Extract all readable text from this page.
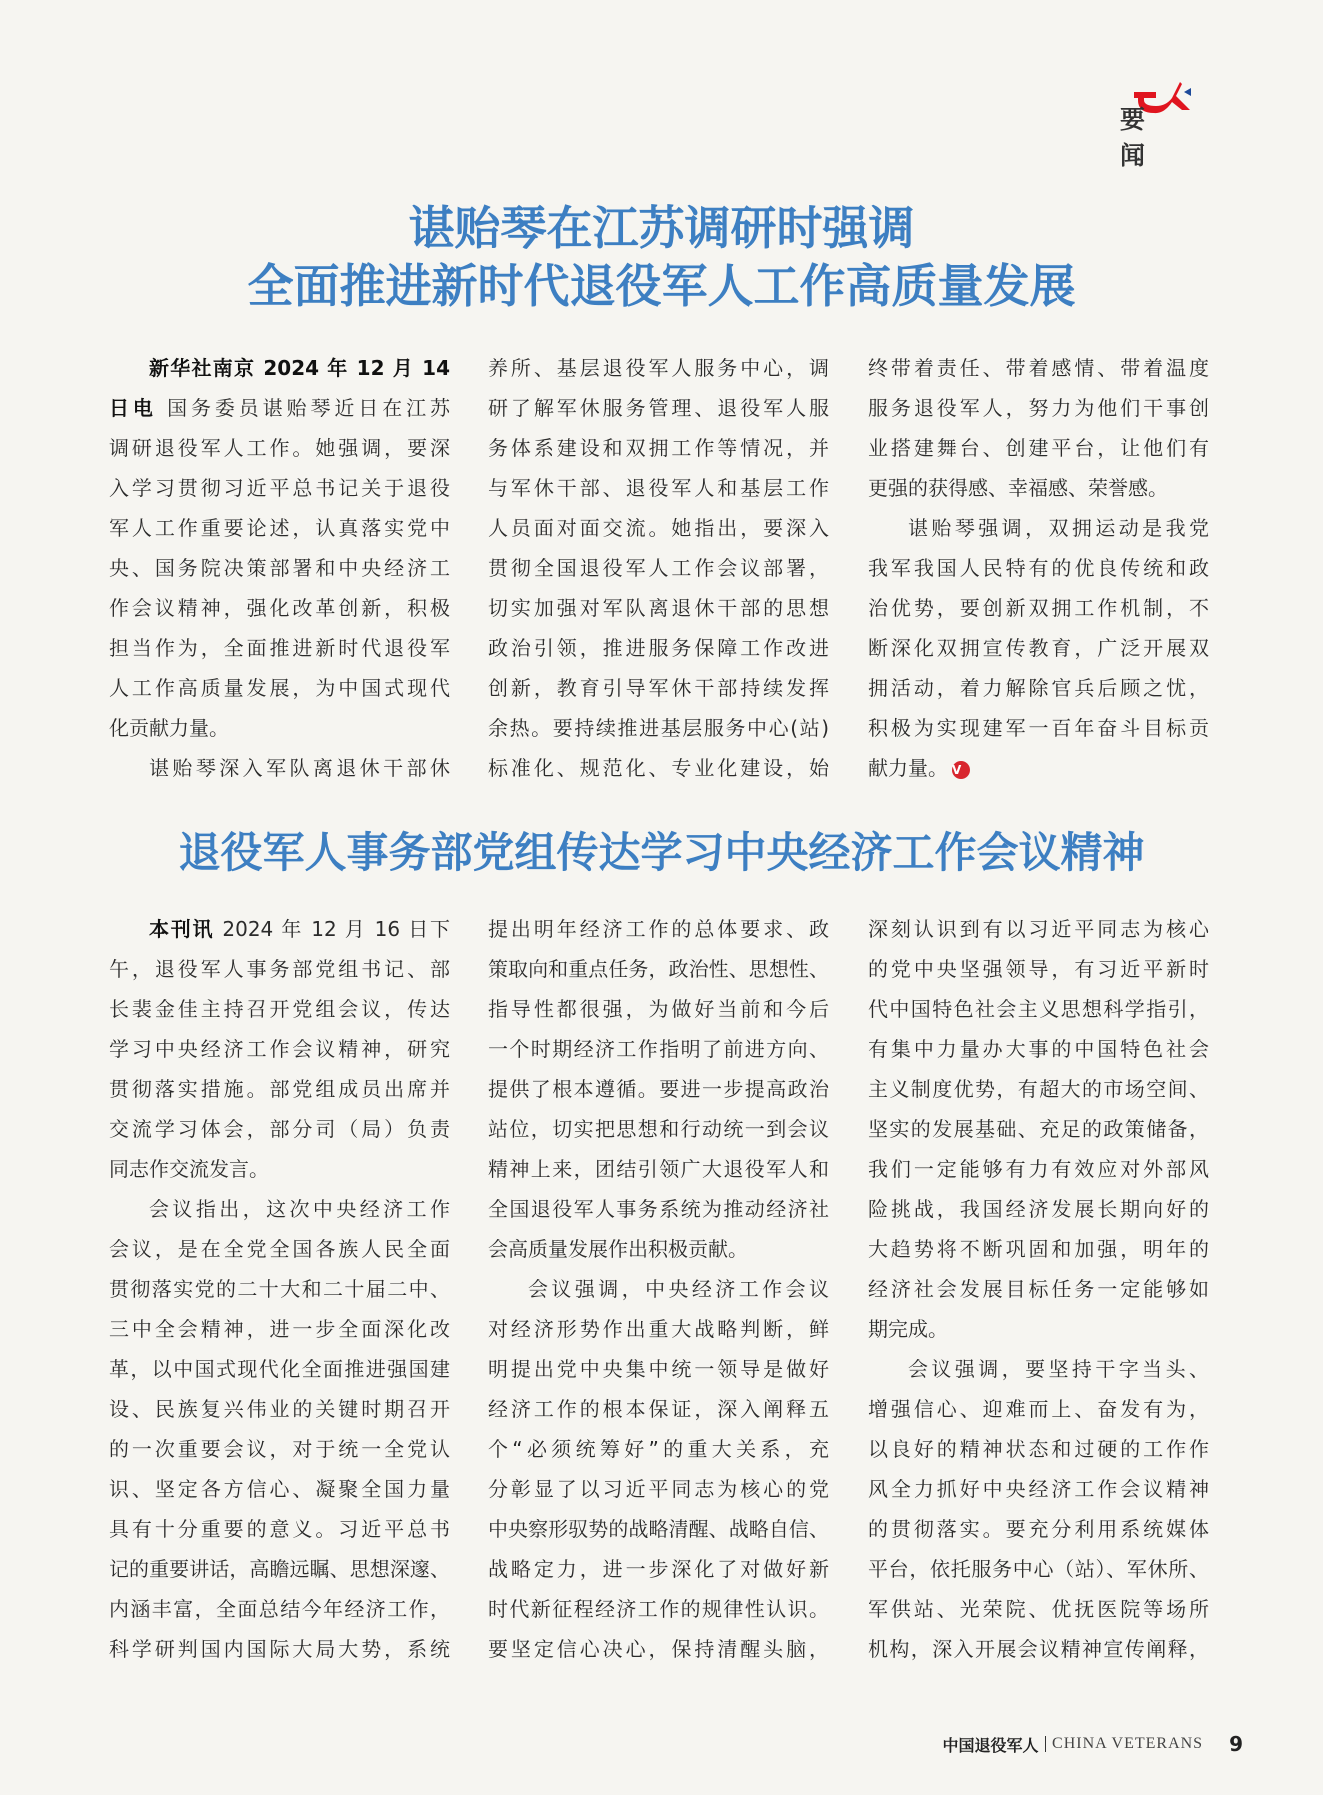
要　闻
谌贻琴在江苏调研时强调
全面推进新时代退役军人工作高质量发展
新华社南京 2024 年 12 月 14
日电 国务委员谌贻琴近日在江苏
调研退役军人工作。她强调，要深
入学习贯彻习近平总书记关于退役
军人工作重要论述，认真落实党中
央、国务院决策部署和中央经济工
作会议精神，强化改革创新，积极
担当作为，全面推进新时代退役军
人工作高质量发展，为中国式现代
化贡献力量。
谌贻琴深入军队离退休干部休
养所、基层退役军人服务中心，调
研了解军休服务管理、退役军人服
务体系建设和双拥工作等情况，并
与军休干部、退役军人和基层工作
人员面对面交流。她指出，要深入
贯彻全国退役军人工作会议部署，
切实加强对军队离退休干部的思想
政治引领，推进服务保障工作改进
创新，教育引导军休干部持续发挥
余热。要持续推进基层服务中心(站)
标准化、规范化、专业化建设，始
终带着责任、带着感情、带着温度
服务退役军人，努力为他们干事创
业搭建舞台、创建平台，让他们有
更强的获得感、幸福感、荣誉感。
谌贻琴强调，双拥运动是我党
我军我国人民特有的优良传统和政
治优势，要创新双拥工作机制，不
断深化双拥宣传教育，广泛开展双
拥活动，着力解除官兵后顾之忧，
积极为实现建军一百年奋斗目标贡
献力量。 V
退役军人事务部党组传达学习中央经济工作会议精神
本刊讯 2024 年 12 月 16 日下
午，退役军人事务部党组书记、部
长裴金佳主持召开党组会议，传达
学习中央经济工作会议精神，研究
贯彻落实措施。部党组成员出席并
交流学习体会，部分司（局）负责
同志作交流发言。
会议指出，这次中央经济工作
会议，是在全党全国各族人民全面
贯彻落实党的二十大和二十届二中、
三中全会精神，进一步全面深化改
革，以中国式现代化全面推进强国建
设、民族复兴伟业的关键时期召开
的一次重要会议，对于统一全党认
识、坚定各方信心、凝聚全国力量
具有十分重要的意义。习近平总书
记的重要讲话，高瞻远瞩、思想深邃、
内涵丰富，全面总结今年经济工作，
科学研判国内国际大局大势，系统
提出明年经济工作的总体要求、政
策取向和重点任务，政治性、思想性、
指导性都很强，为做好当前和今后
一个时期经济工作指明了前进方向、
提供了根本遵循。要进一步提高政治
站位，切实把思想和行动统一到会议
精神上来，团结引领广大退役军人和
全国退役军人事务系统为推动经济社
会高质量发展作出积极贡献。
会议强调，中央经济工作会议
对经济形势作出重大战略判断，鲜
明提出党中央集中统一领导是做好
经济工作的根本保证，深入阐释五
个“必须统筹好”的重大关系，充
分彰显了以习近平同志为核心的党
中央察形驭势的战略清醒、战略自信、
战略定力，进一步深化了对做好新
时代新征程经济工作的规律性认识。
要坚定信心决心，保持清醒头脑，
深刻认识到有以习近平同志为核心
的党中央坚强领导，有习近平新时
代中国特色社会主义思想科学指引，
有集中力量办大事的中国特色社会
主义制度优势，有超大的市场空间、
坚实的发展基础、充足的政策储备，
我们一定能够有力有效应对外部风
险挑战，我国经济发展长期向好的
大趋势将不断巩固和加强，明年的
经济社会发展目标任务一定能够如
期完成。
会议强调，要坚持干字当头、
增强信心、迎难而上、奋发有为，
以良好的精神状态和过硬的工作作
风全力抓好中央经济工作会议精神
的贯彻落实。要充分利用系统媒体
平台，依托服务中心（站）、军休所、
军供站、光荣院、优抚医院等场所
机构，深入开展会议精神宣传阐释，
中国退役军人 CHINA VETERANS 9
